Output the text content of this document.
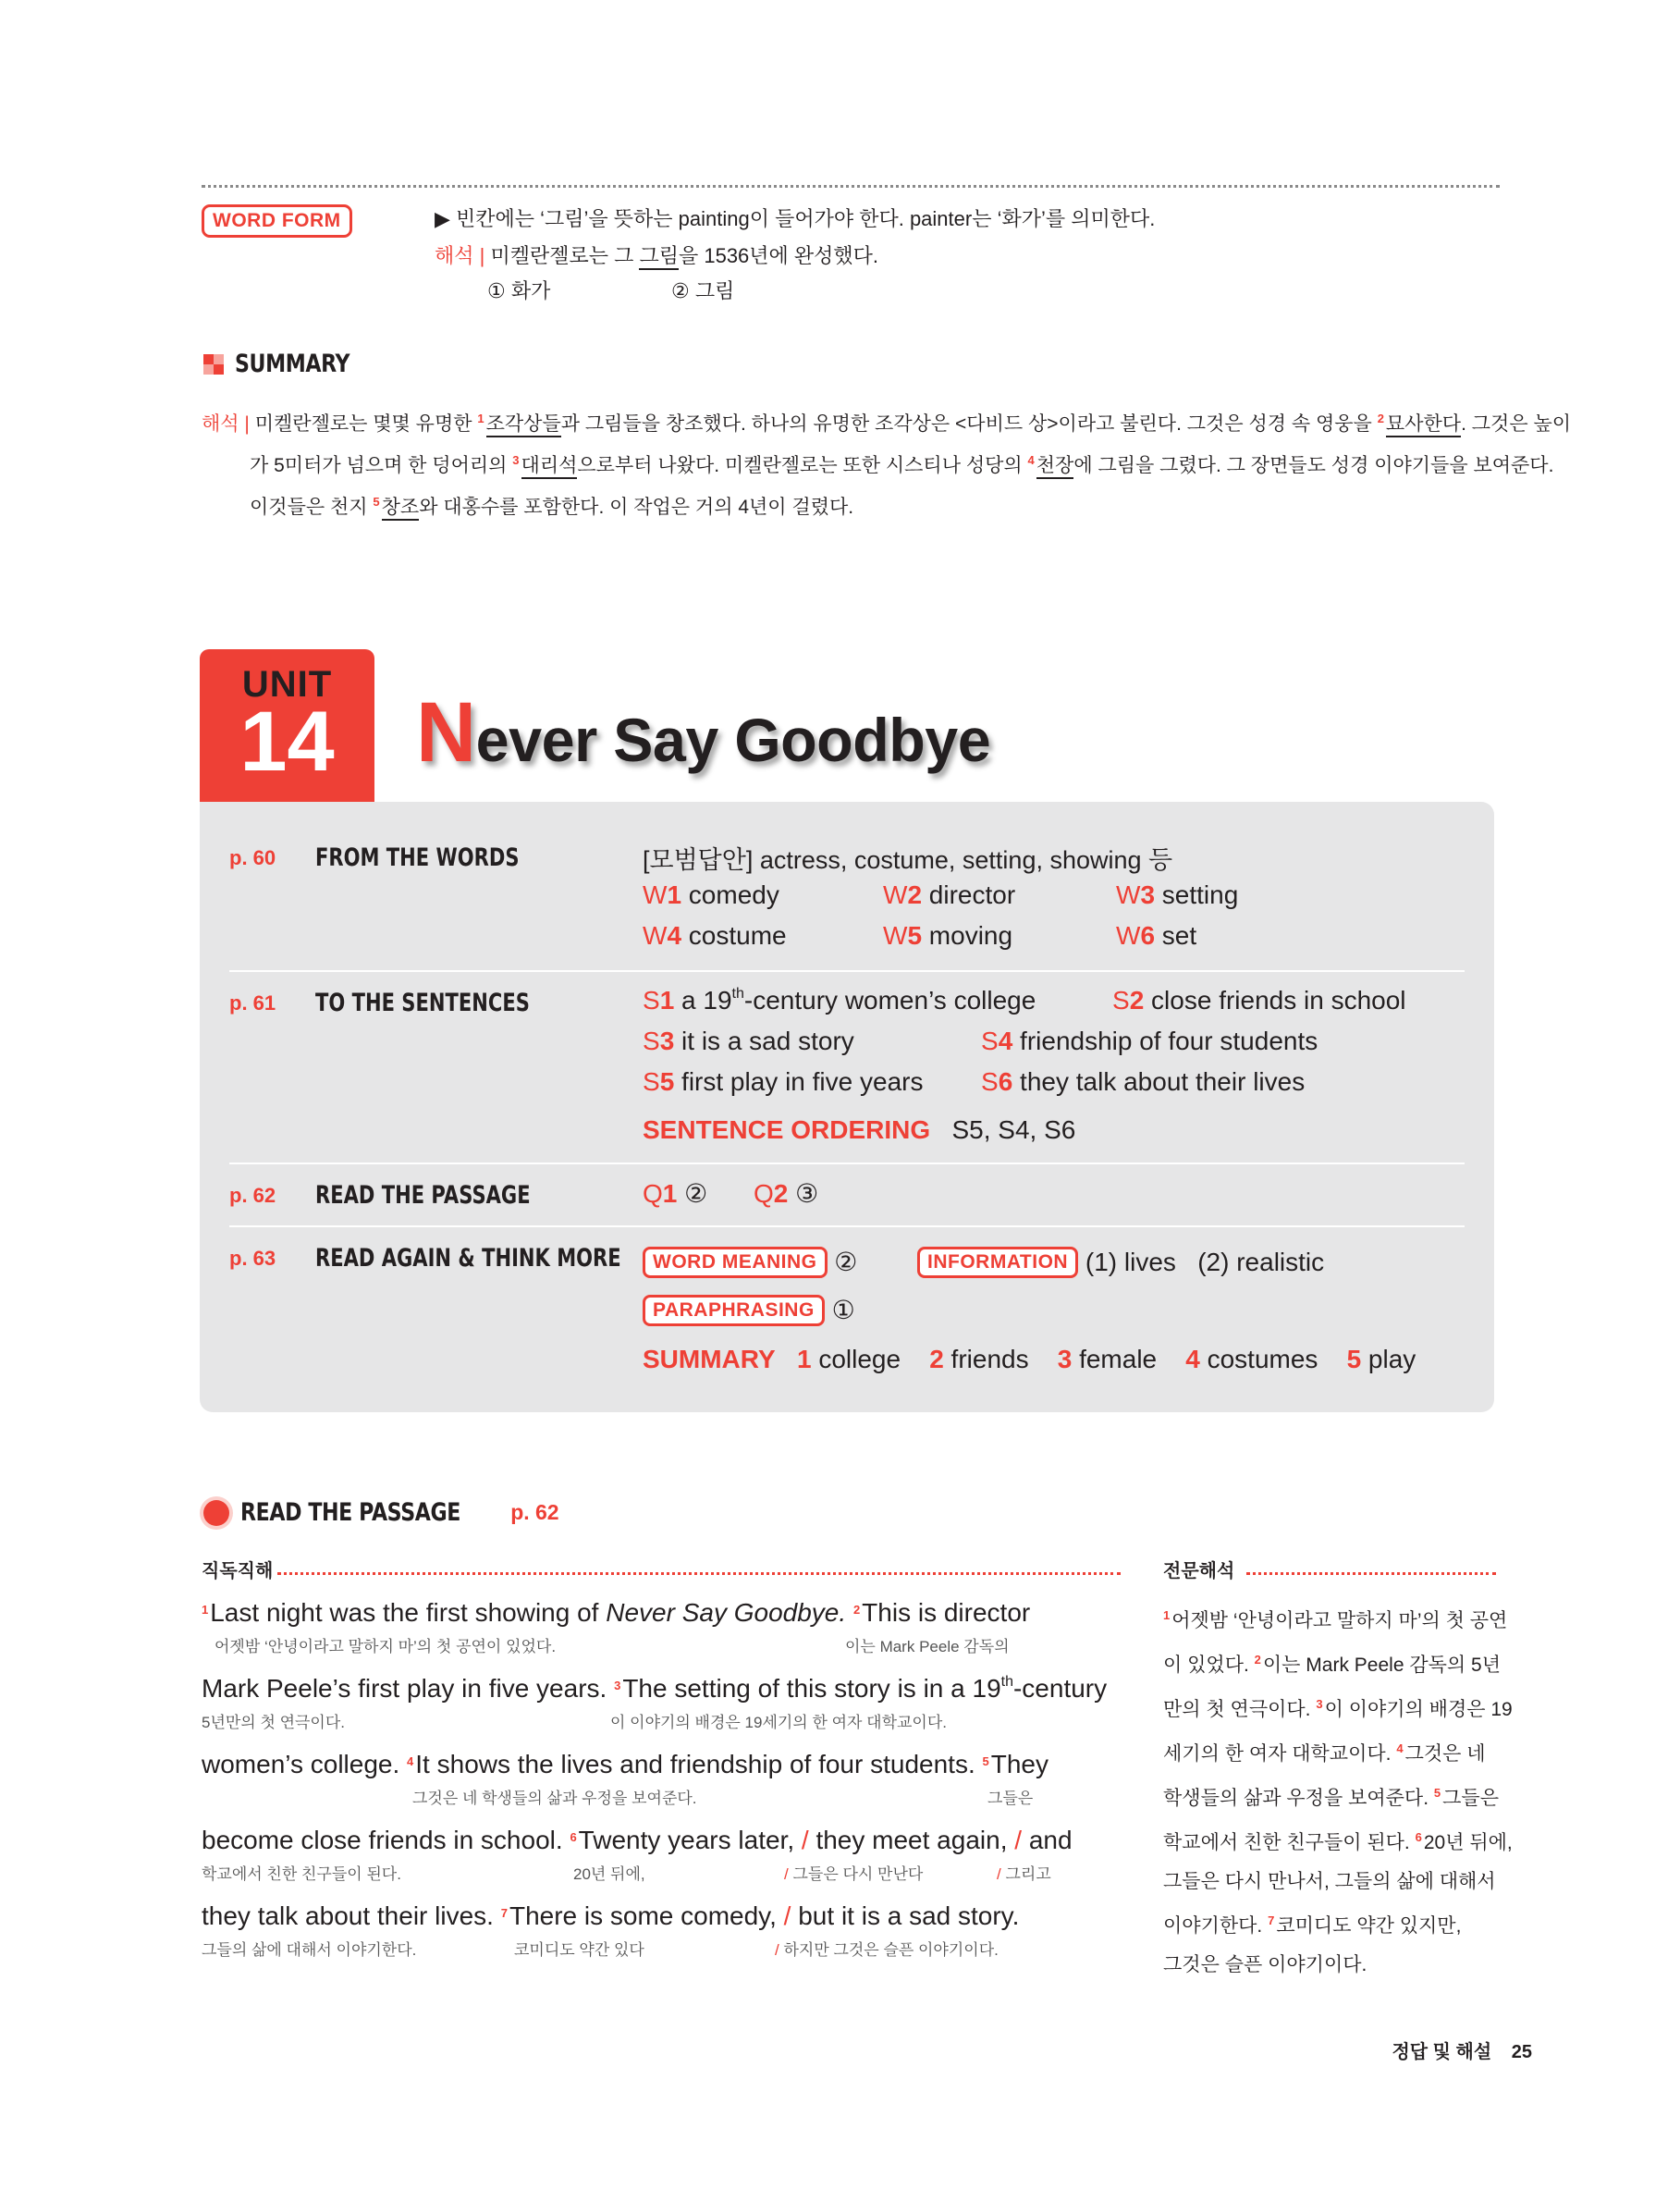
WORD FORM	▶ 빈칸에는 ‘그림’을 뜻하는 painting이 들어가야 한다. painter는 ‘화가’를 의미한다.
해석 | 미켈란젤로는 그 그림을 1536년에 완성했다.
① 화가	② 그림
SUMMARY

해석 | 미켈란젤로는 몇몇 유명한 $^1$조각상들과 그림들을 창조했다. 하나의 유명한 조각상은 <다비드 상>이라고 불린다. 그것은 성경 속 영웅을 $^2$묘사한다. 그것은 높이

가 5미터가 넘으며 한 덩어리의 $^3$대리석으로부터 나왔다. 미켈란젤로는 또한 시스티나 성당의 $^4$천장에 그림을 그렸다. 그 장면들도 성경 이야기들을 보여준다.

이것들은 천지 $^5$창조와 대홍수를 포함한다. 이 작업은 거의 4년이 걸렸다.

UNIT
14 Never Say Goodbye
p. 60 FROM THE WORDS	[모범답안] actress, costume, setting, showing 등
W1 comedy	W2 director	W3 setting
W4 costume	W5 moving	W6 set
p. 61 TO THE SENTENCES	S1 a 19th-century women’s college	S2 close friends in school
S3 it is a sad story	S4 friendship of four students
S5 first play in five years S6 they talk about their lives
SENTENCE ORDERING S5, S4, S6
p. 62 READ THE PASSAGE	Q1 ② Q2 ③
p. 63 READ AGAIN & THINK MORE	WORD MEANING ②	INFORMATION (1) lives   (2) realistic
PARAPHRASING ①
SUMMARY 1 college 2 friends 3 female 4 costumes 5 play
READ THE PASSAGE p. 62
직독직해	전문해석
$^1$Last night was the first showing of Never Say Goodbye. $^2$This is director
어젯밤 ‘안녕이라고 말하지 마’의 첫 공연이 있었다.	이는 Mark Peele 감독의
Mark Peele’s first play in five years. $^3$The setting of this story is in a 19th-century
5년만의 첫 연극이다.	이 이야기의 배경은 19세기의 한 여자 대학교이다.
women’s college. $^4$It shows the lives and friendship of four students. $^5$They
그것은 네 학생들의 삶과 우정을 보여준다.	그들은
become close friends in school. $^6$Twenty years later, / they meet again, / and
학교에서 친한 친구들이 된다.	20년 뒤에,	/ 그들은 다시 만난다	/ 그리고
they talk about their lives. $^7$There is some comedy, / but it is a sad story.
그들의 삶에 대해서 이야기한다.	코미디도 약간 있다	/ 하지만 그것은 슬픈 이야기이다.

$^1$어젯밤 ‘안녕이라고 말하지 마’의 첫 공연

이 있었다. $^2$이는 Mark Peele 감독의 5년

만의 첫 연극이다. $^3$이 이야기의 배경은 19

세기의 한 여자 대학교이다. $^4$그것은 네

학생들의 삶과 우정을 보여준다. $^5$그들은

학교에서 친한 친구들이 된다. $^6$20년 뒤에,

그들은 다시 만나서, 그들의 삶에 대해서

이야기한다. $^7$코미디도 약간 있지만,

그것은 슬픈 이야기이다.

정답 및 해설 25
